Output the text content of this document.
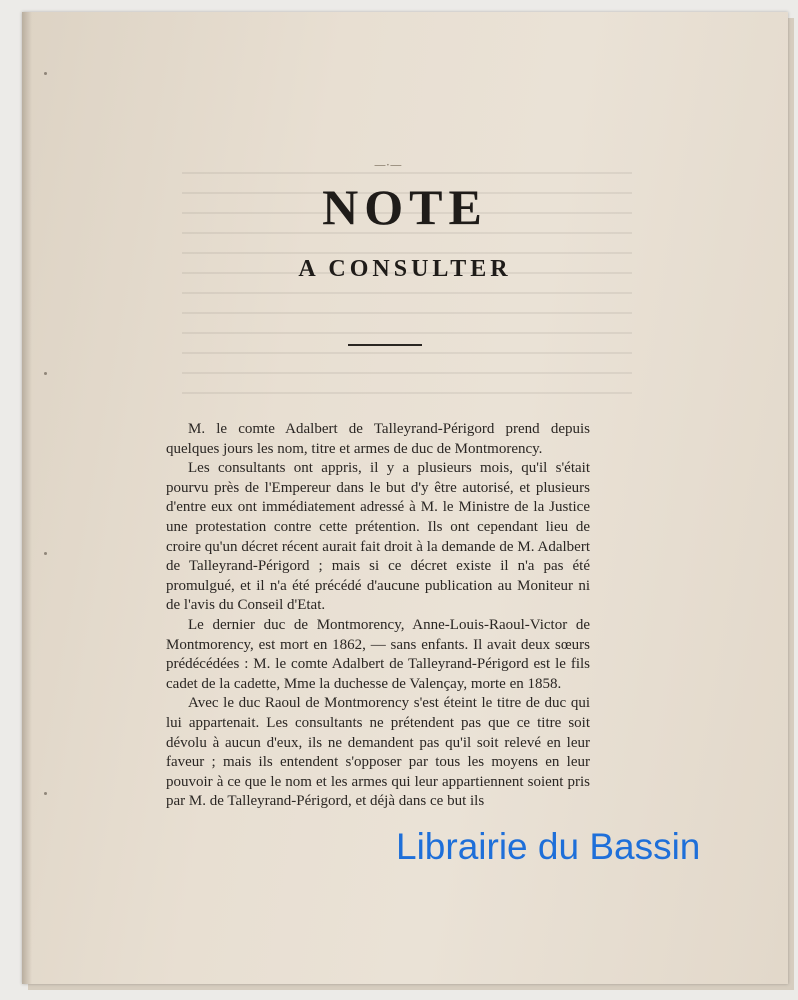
—·—
NOTE
A CONSULTER

M. le comte Adalbert de Talleyrand-Périgord prend depuis quelques jours les nom, titre et armes de duc de Montmorency.

Les consultants ont appris, il y a plusieurs mois, qu'il s'était pourvu près de l'Empereur dans le but d'y être autorisé, et plusieurs d'entre eux ont immédiatement adressé à M. le Ministre de la Justice une protestation contre cette prétention. Ils ont cependant lieu de croire qu'un décret récent aurait fait droit à la demande de M. Adalbert de Talleyrand-Périgord ; mais si ce décret existe il n'a pas été promulgué, et il n'a été précédé d'aucune publication au Moniteur ni de l'avis du Conseil d'Etat.

Le dernier duc de Montmorency, Anne-Louis-Raoul-Victor de Montmorency, est mort en 1862, — sans enfants. Il avait deux sœurs prédécédées : M. le comte Adalbert de Talleyrand-Périgord est le fils cadet de la cadette, Mme la duchesse de Valençay, morte en 1858.

Avec le duc Raoul de Montmorency s'est éteint le titre de duc qui lui appartenait. Les consultants ne prétendent pas que ce titre soit dévolu à aucun d'eux, ils ne demandent pas qu'il soit relevé en leur faveur ; mais ils entendent s'opposer par tous les moyens en leur pouvoir à ce que le nom et les armes qui leur appartiennent soient pris par M. de Talleyrand-Périgord, et déjà dans ce but ils

Librairie du Bassin
